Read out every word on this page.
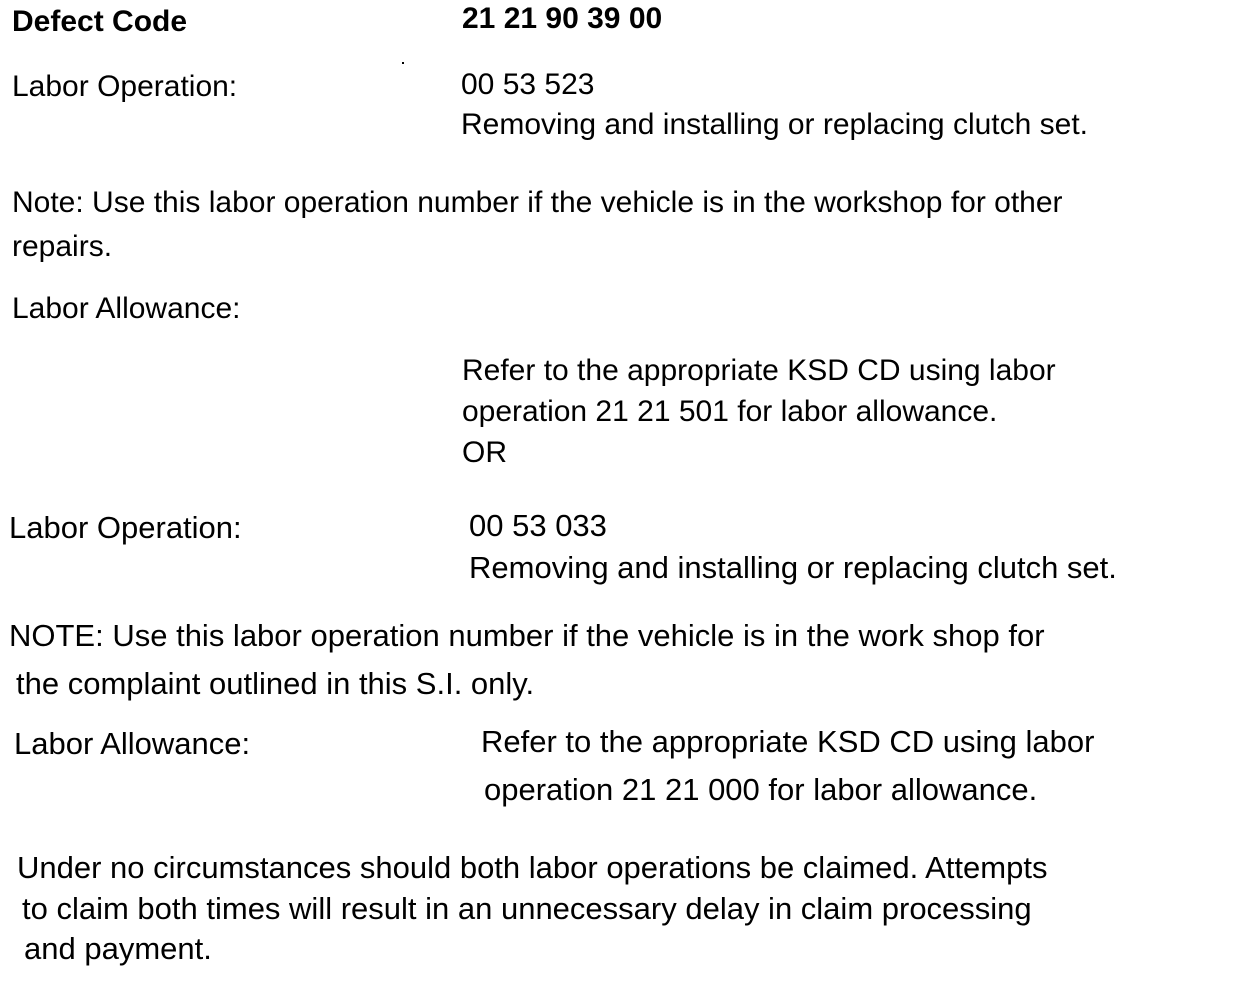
Defect Code	21 21 90 39 00
Labor Operation:	00 53 523
Removing and installing or replacing clutch set.
Note: Use this labor operation number if the vehicle is in the workshop for other
repairs.
Labor Allowance:
Refer to the appropriate KSD CD using labor
operation 21 21 501 for labor allowance.
OR
Labor Operation:	00 53 033
Removing and installing or replacing clutch set.
NOTE: Use this labor operation number if the vehicle is in the work shop for
the complaint outlined in this S.I. only.
Labor Allowance:	Refer to the appropriate KSD CD using labor
operation 21 21 000 for labor allowance.
Under no circumstances should both labor operations be claimed. Attempts
to claim both times will result in an unnecessary delay in claim processing
and payment.
